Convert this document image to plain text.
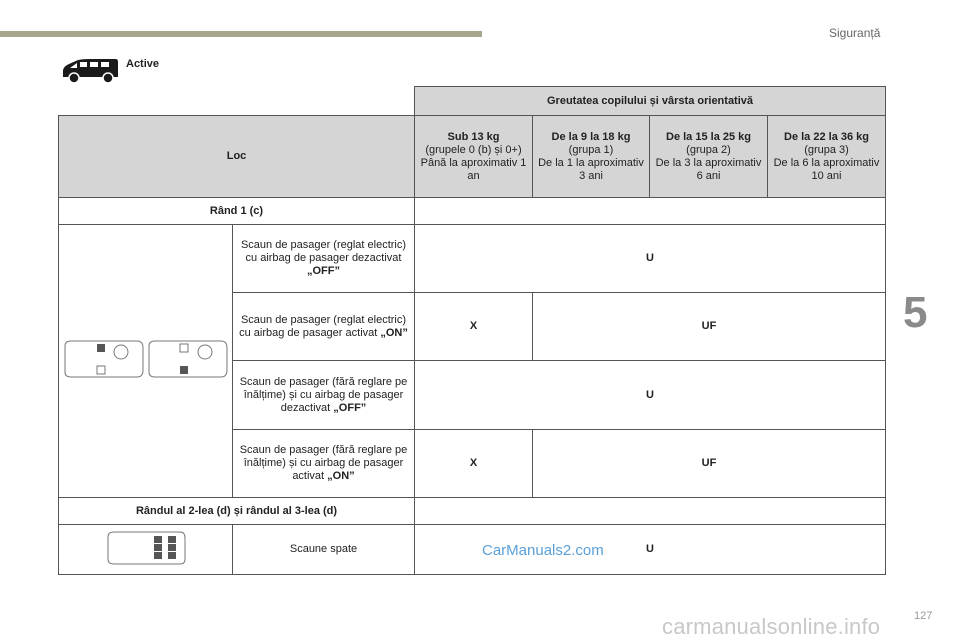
Siguranță
5
127
Active
		Greutatea copilului și vârsta orientativă			
Loc		Sub 13 kg
(grupele 0 (b) și 0+)
Până la aproximativ 1 an	De la 9 la 18 kg
(grupa 1)
De la 1 la aproximativ 3 ani	De la 15 la 25 kg
(grupa 2)
De la 3 la aproximativ 6 ani	De la 22 la 36 kg
(grupa 3)
De la 6 la aproximativ 10 ani
Rând 1 (c)					
	Scaun de pasager (reglat electric) cu airbag de pasager dezactivat „OFF”	U			
	Scaun de pasager (reglat electric) cu airbag de pasager activat „ON”	X	UF		
	Scaun de pasager (fără reglare pe înălțime) și cu airbag de pasager dezactivat „OFF”	U			
	Scaun de pasager (fără reglare pe înălțime) și cu airbag de pasager activat „ON”	X	UF		
Rândul al 2-lea (d) și rândul al 3-lea (d)					
	Scaune spate	U			
CarManuals2.com
carmanualsonline.info
